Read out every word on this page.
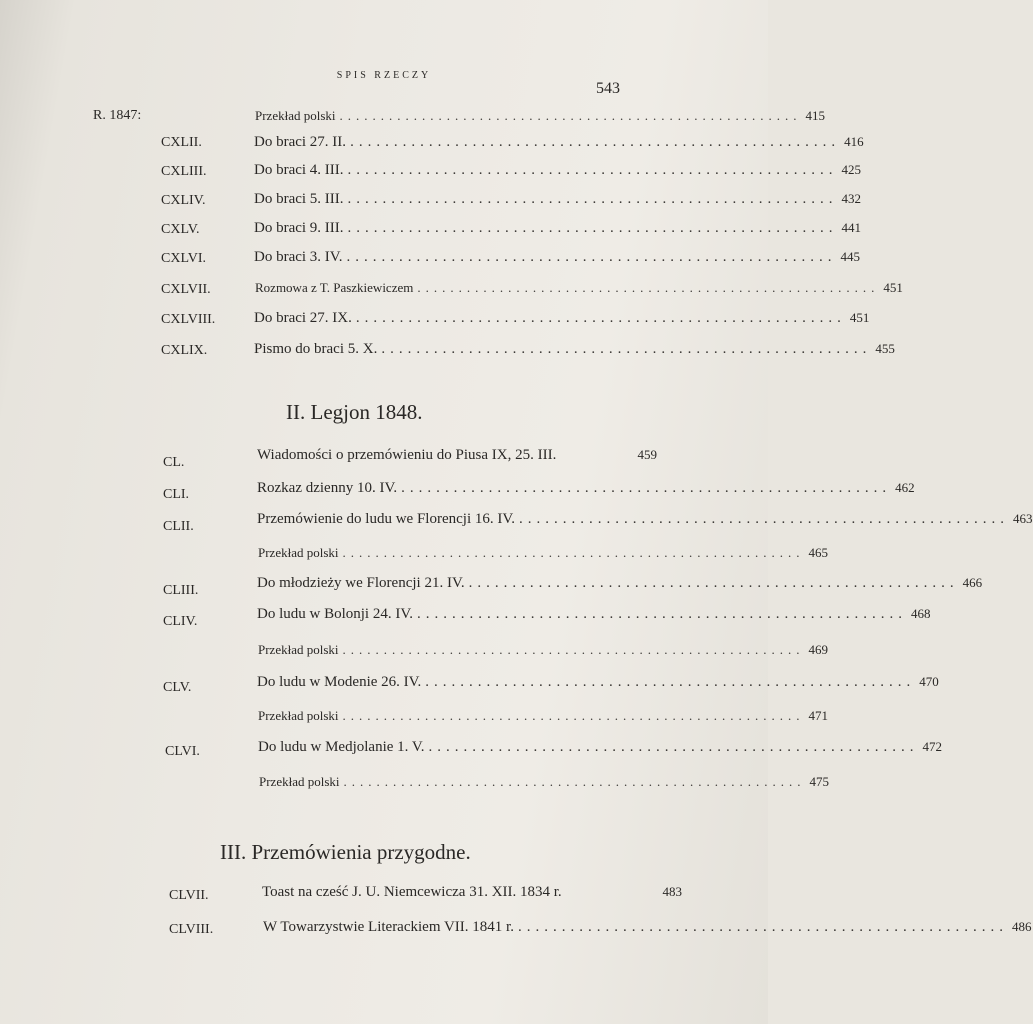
SPIS RZECZY
543
R. 1847:	Przekład polski ........................................................ 415
CXLII.	Do braci 27. II. ........................................................ 416
CXLIII.	Do braci 4. III. ........................................................ 425
CXLIV.	Do braci 5. III. ........................................................ 432
CXLV.	Do braci 9. III. ........................................................ 441
CXLVI.	Do braci 3. IV. ........................................................ 445
CXLVII.	Rozmowa z T. Paszkiewiczem ........................................................ 451
CXLVIII.	Do braci 27. IX. ........................................................ 451
CXLIX.	Pismo do braci 5. X. ........................................................ 455
II. Legjon 1848.
CL.	Wiadomości o przemówieniu do Piusa IX, 25. III.	459
CLI.	Rozkaz dzienny 10. IV. ........................................................ 462
CLII.	Przemówienie do ludu we Florencji 16. IV. ........................................................ 463
Przekład polski ........................................................ 465
CLIII.	Do młodzieży we Florencji 21. IV. ........................................................ 466
CLIV.	Do ludu w Bolonji 24. IV. ........................................................ 468
Przekład polski ........................................................ 469
CLV.	Do ludu w Modenie 26. IV. ........................................................ 470
Przekład polski ........................................................ 471
CLVI.	Do ludu w Medjolanie 1. V. ........................................................ 472
Przekład polski ........................................................ 475
III. Przemówienia przygodne.
CLVII.	Toast na cześć J. U. Niemcewicza 31. XII. 1834 r.	483
CLVIII.	W Towarzystwie Literackiem VII. 1841 r. ........................................................ 486
